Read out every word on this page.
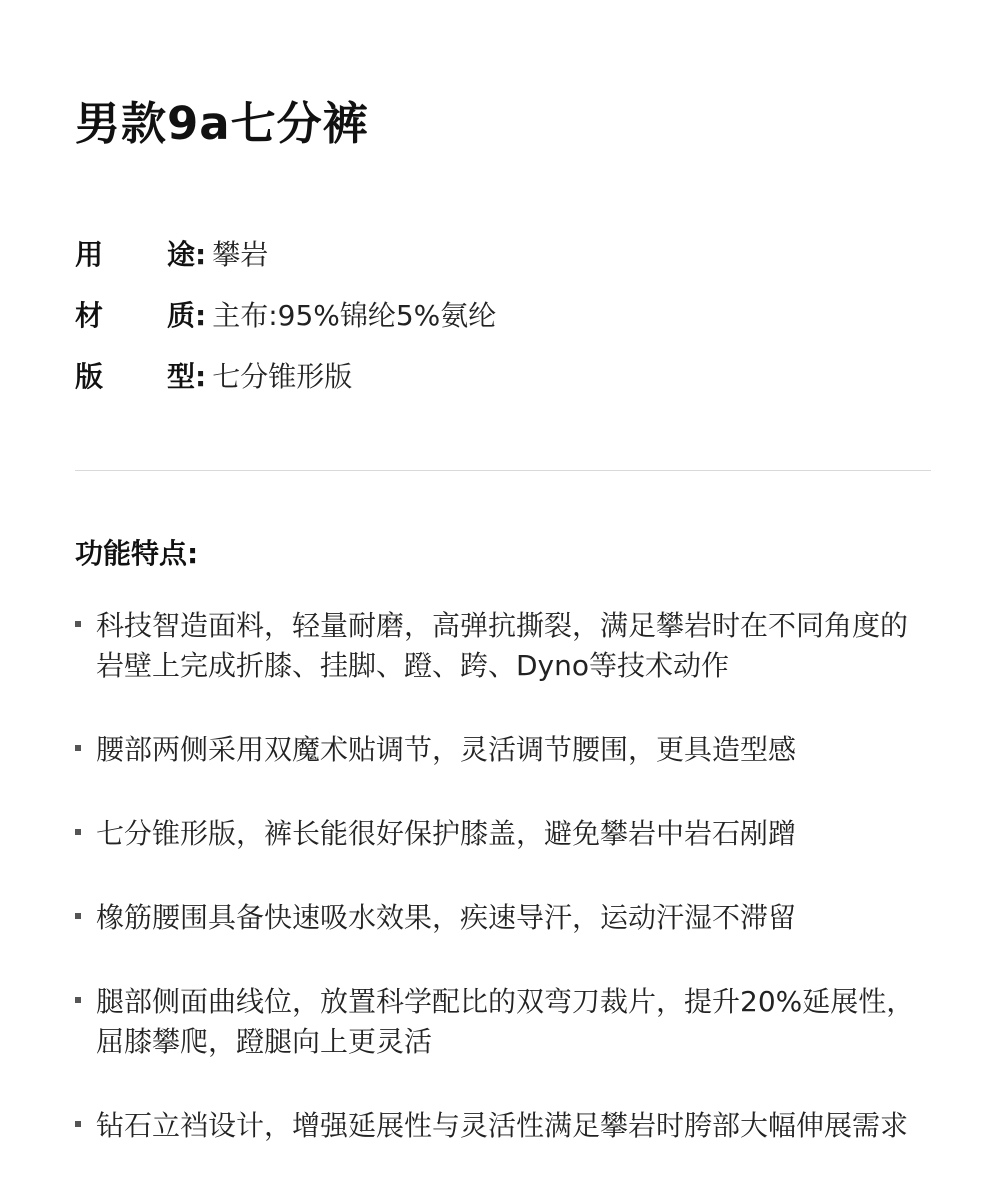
男款9a七分裤
用 途 : 攀岩
材 质 : 主布:95%锦纶5%氨纶
版 型 : 七分锥形版
功能特点:
科技智造面料，轻量耐磨，高弹抗撕裂，满足攀岩时在不同角度的岩壁上完成折膝、挂脚、蹬、跨、Dyno等技术动作
腰部两侧采用双魔术贴调节，灵活调节腰围，更具造型感
七分锥形版，裤长能很好保护膝盖，避免攀岩中岩石剐蹭
橡筋腰围具备快速吸水效果，疾速导汗，运动汗湿不滞留
腿部侧面曲线位，放置科学配比的双弯刀裁片，提升20%延展性，屈膝攀爬，蹬腿向上更灵活
钻石立裆设计，增强延展性与灵活性满足攀岩时胯部大幅伸展需求
